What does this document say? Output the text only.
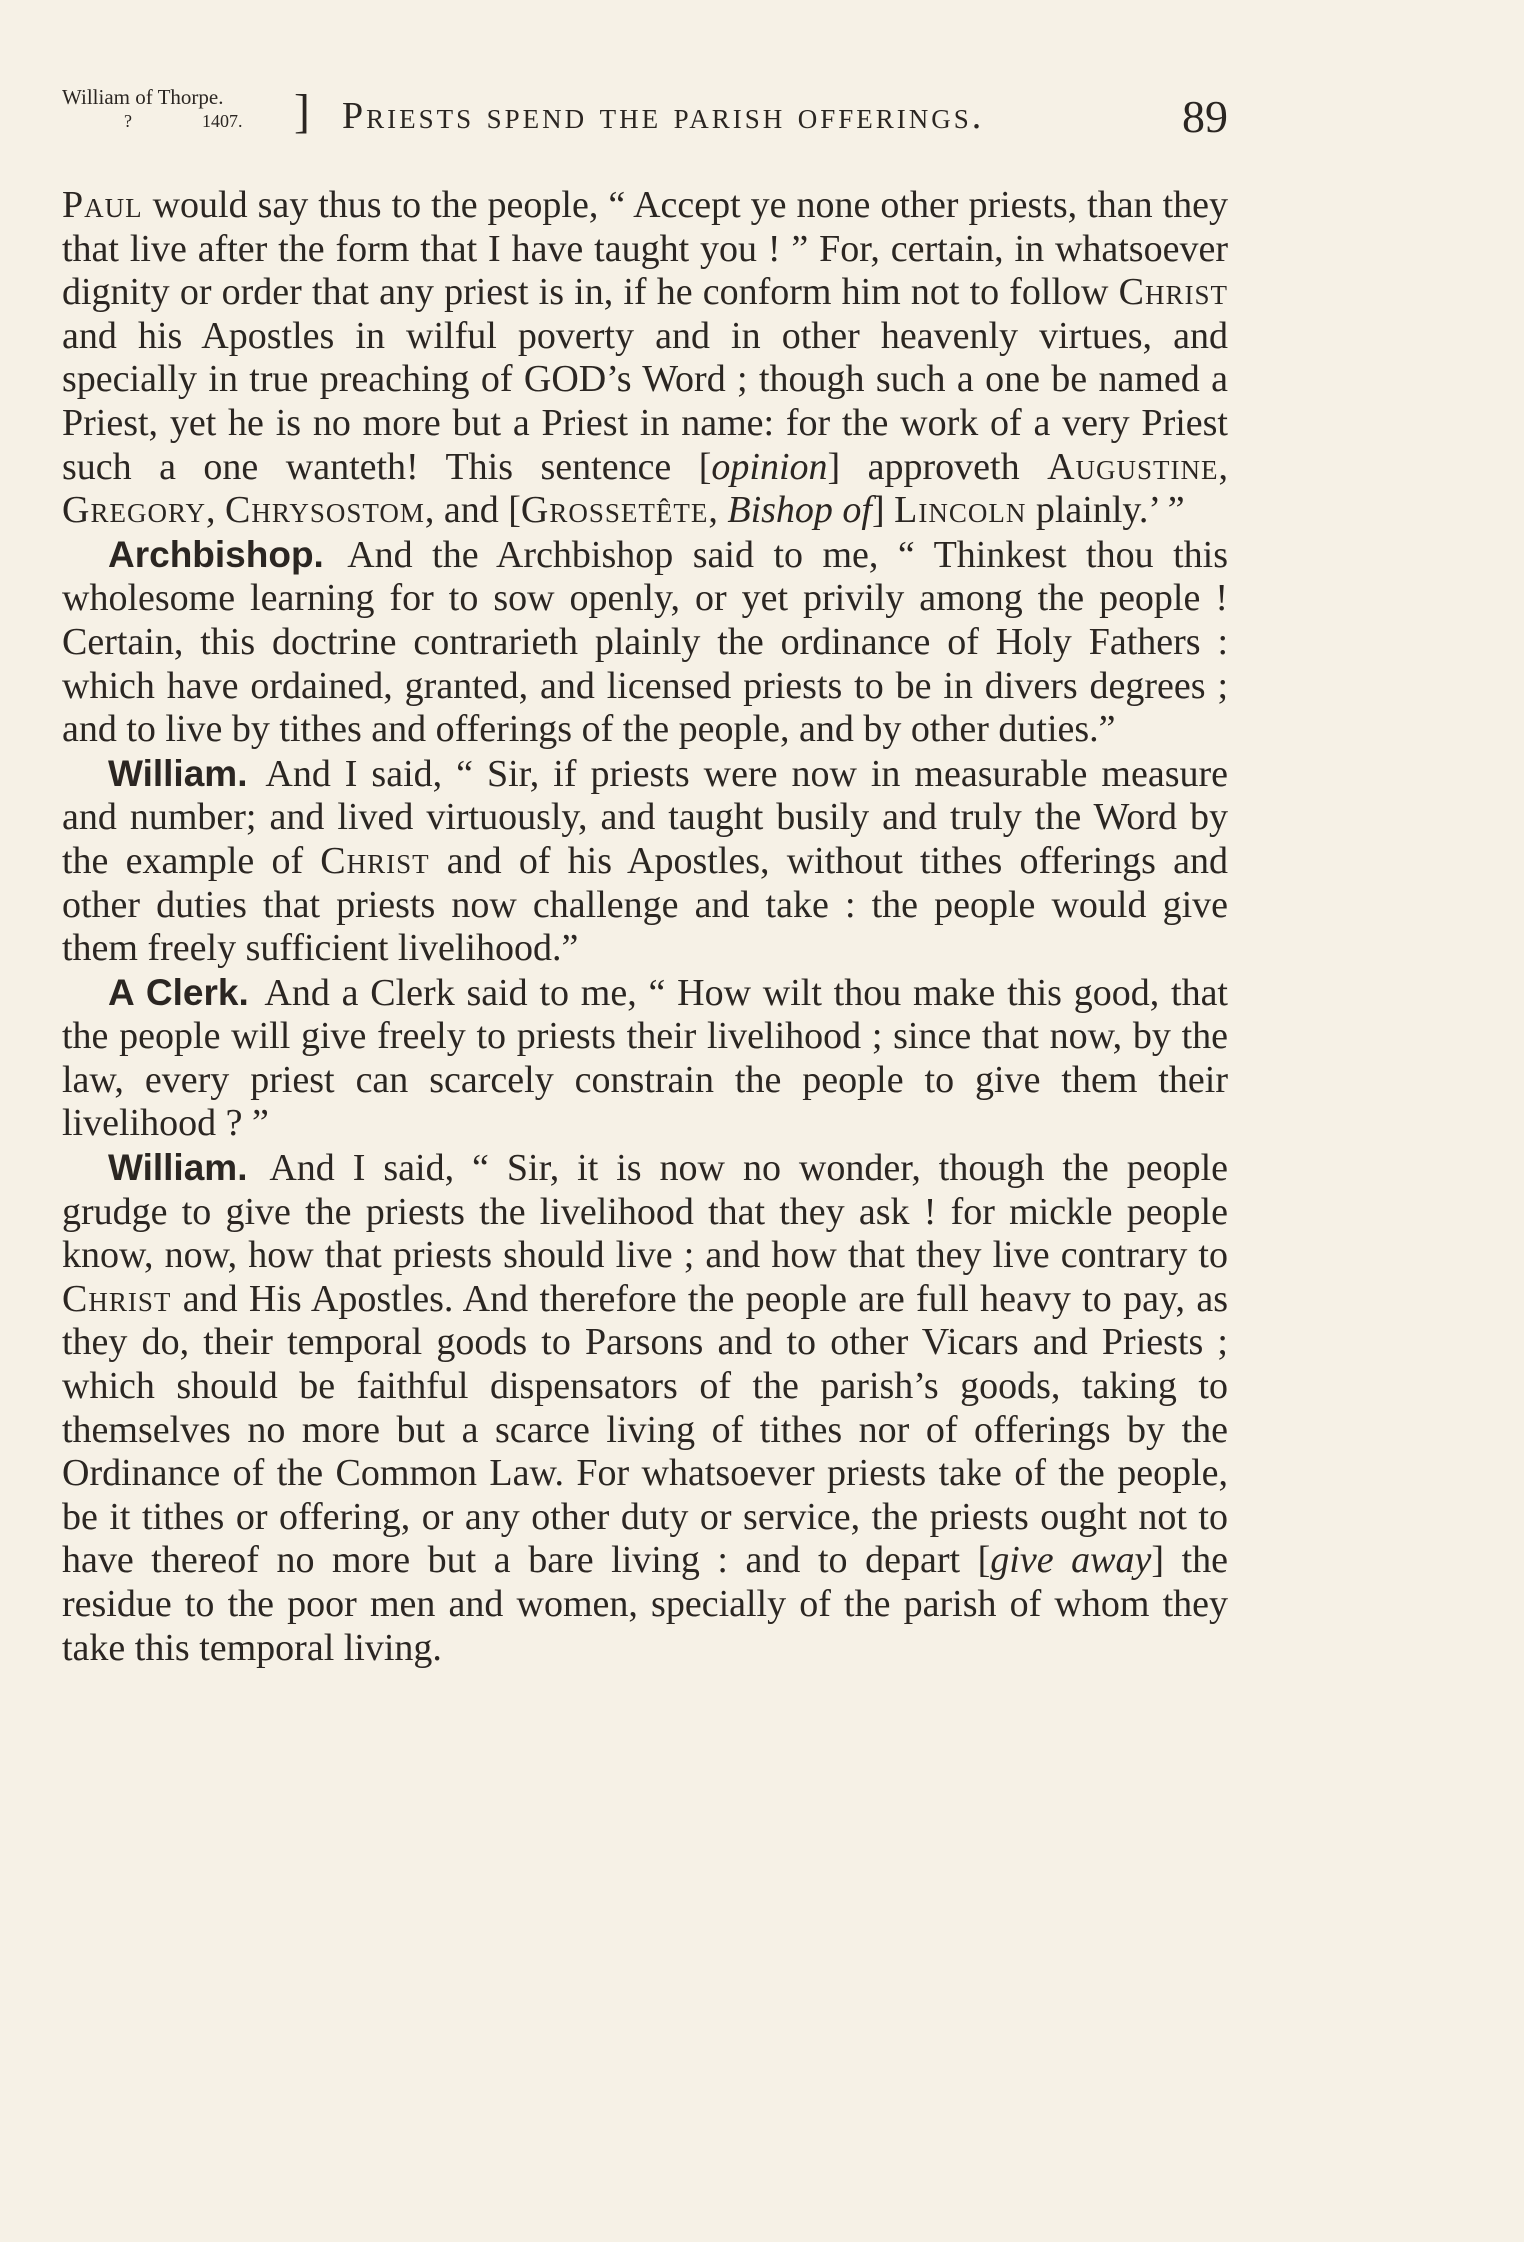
William of Thorpe.
?	1407. ] Priests spend the parish offerings.	89

Paul would say thus to the people, “ Accept ye none other priests, than they that live after the form that I have taught you ! ” For, certain, in whatsoever dignity or order that any priest is in, if he conform him not to follow Christ and his Apostles in wilful poverty and in other heavenly virtues, and specially in true preaching of GOD’s Word ; though such a one be named a Priest, yet he is no more but a Priest in name: for the work of a very Priest such a one wanteth! This sentence [opinion] approveth Augustine, Gregory, Chrysostom, and [Grossetête, Bishop of] Lincoln plainly.’ ”

Archbishop. And the Archbishop said to me, “ Thinkest thou this wholesome learning for to sow openly, or yet privily among the people ! Certain, this doctrine contrarieth plainly the ordinance of Holy Fathers : which have ordained, granted, and licensed priests to be in divers degrees ; and to live by tithes and offerings of the people, and by other duties.”

William. And I said, “ Sir, if priests were now in measurable measure and number; and lived virtuously, and taught busily and truly the Word by the example of Christ and of his Apostles, without tithes offerings and other duties that priests now challenge and take : the people would give them freely sufficient livelihood.”

A Clerk. And a Clerk said to me, “ How wilt thou make this good, that the people will give freely to priests their livelihood ; since that now, by the law, every priest can scarcely constrain the people to give them their livelihood ? ”

William. And I said, “ Sir, it is now no wonder, though the people grudge to give the priests the livelihood that they ask ! for mickle people know, now, how that priests should live ; and how that they live contrary to Christ and His Apostles. And therefore the people are full heavy to pay, as they do, their temporal goods to Parsons and to other Vicars and Priests ; which should be faithful dispensators of the parish’s goods, taking to themselves no more but a scarce living of tithes nor of offerings by the Ordinance of the Common Law. For whatsoever priests take of the people, be it tithes or offering, or any other duty or service, the priests ought not to have thereof no more but a bare living : and to depart [give away] the residue to the poor men and women, specially of the parish of whom they take this temporal living.
